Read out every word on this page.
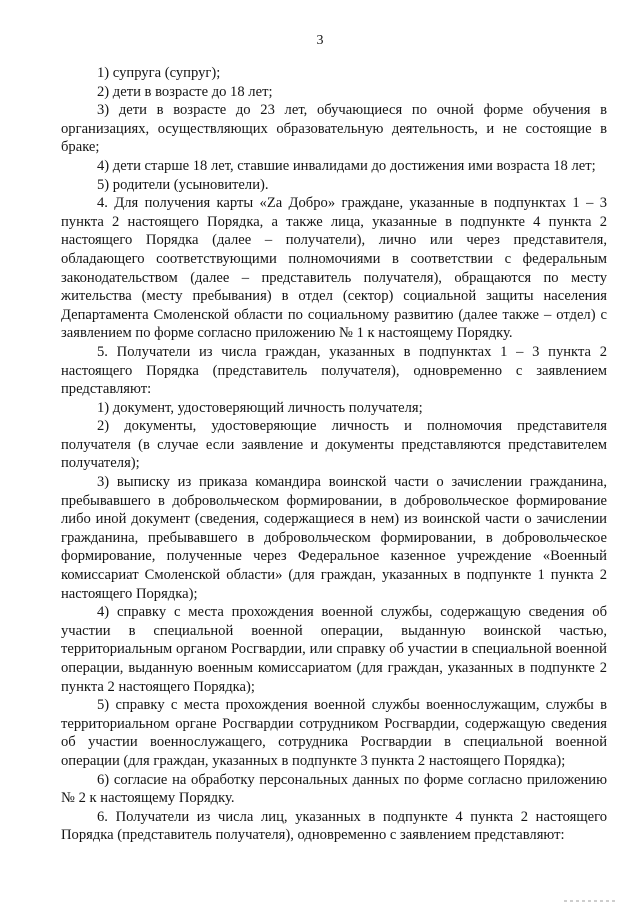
3

1) супруга (супруг);

2) дети в возрасте до 18 лет;

3) дети в возрасте до 23 лет, обучающиеся по очной форме обучения в организациях, осуществляющих образовательную деятельность, и не состоящие в браке;

4) дети старше 18 лет, ставшие инвалидами до достижения ими возраста 18 лет;

5) родители (усыновители).

4. Для получения карты «Za Добро» граждане, указанные в подпунктах 1 – 3 пункта 2 настоящего Порядка, а также лица, указанные в подпункте 4 пункта 2 настоящего Порядка (далее – получатели), лично или через представителя, обладающего соответствующими полномочиями в соответствии с федеральным законодательством (далее – представитель получателя), обращаются по месту жительства (месту пребывания) в отдел (сектор) социальной защиты населения Департамента Смоленской области по социальному развитию (далее также – отдел) с заявлением по форме согласно приложению № 1 к настоящему Порядку.

5. Получатели из числа граждан, указанных в подпунктах 1 – 3 пункта 2 настоящего Порядка (представитель получателя), одновременно с заявлением представляют:

1) документ, удостоверяющий личность получателя;

2) документы, удостоверяющие личность и полномочия представителя получателя (в случае если заявление и документы представляются представителем получателя);

3) выписку из приказа командира воинской части о зачислении гражданина, пребывавшего в добровольческом формировании, в добровольческое формирование либо иной документ (сведения, содержащиеся в нем) из воинской части о зачислении гражданина, пребывавшего в добровольческом формировании, в добровольческое формирование, полученные через Федеральное казенное учреждение «Военный комиссариат Смоленской области» (для граждан, указанных в подпункте 1 пункта 2 настоящего Порядка);

4) справку с места прохождения военной службы, содержащую сведения об участии в специальной военной операции, выданную воинской частью, территориальным органом Росгвардии, или справку об участии в специальной военной операции, выданную военным комиссариатом (для граждан, указанных в подпункте 2 пункта 2 настоящего Порядка);

5) справку с места прохождения военной службы военнослужащим, службы в территориальном органе Росгвардии сотрудником Росгвардии, содержащую сведения об участии военнослужащего, сотрудника Росгвардии в специальной военной операции (для граждан, указанных в подпункте 3 пункта 2 настоящего Порядка);

6) согласие на обработку персональных данных по форме согласно приложению № 2 к настоящему Порядку.

6. Получатели из числа лиц, указанных в подпункте 4 пункта 2 настоящего Порядка (представитель получателя), одновременно с заявлением представляют:
